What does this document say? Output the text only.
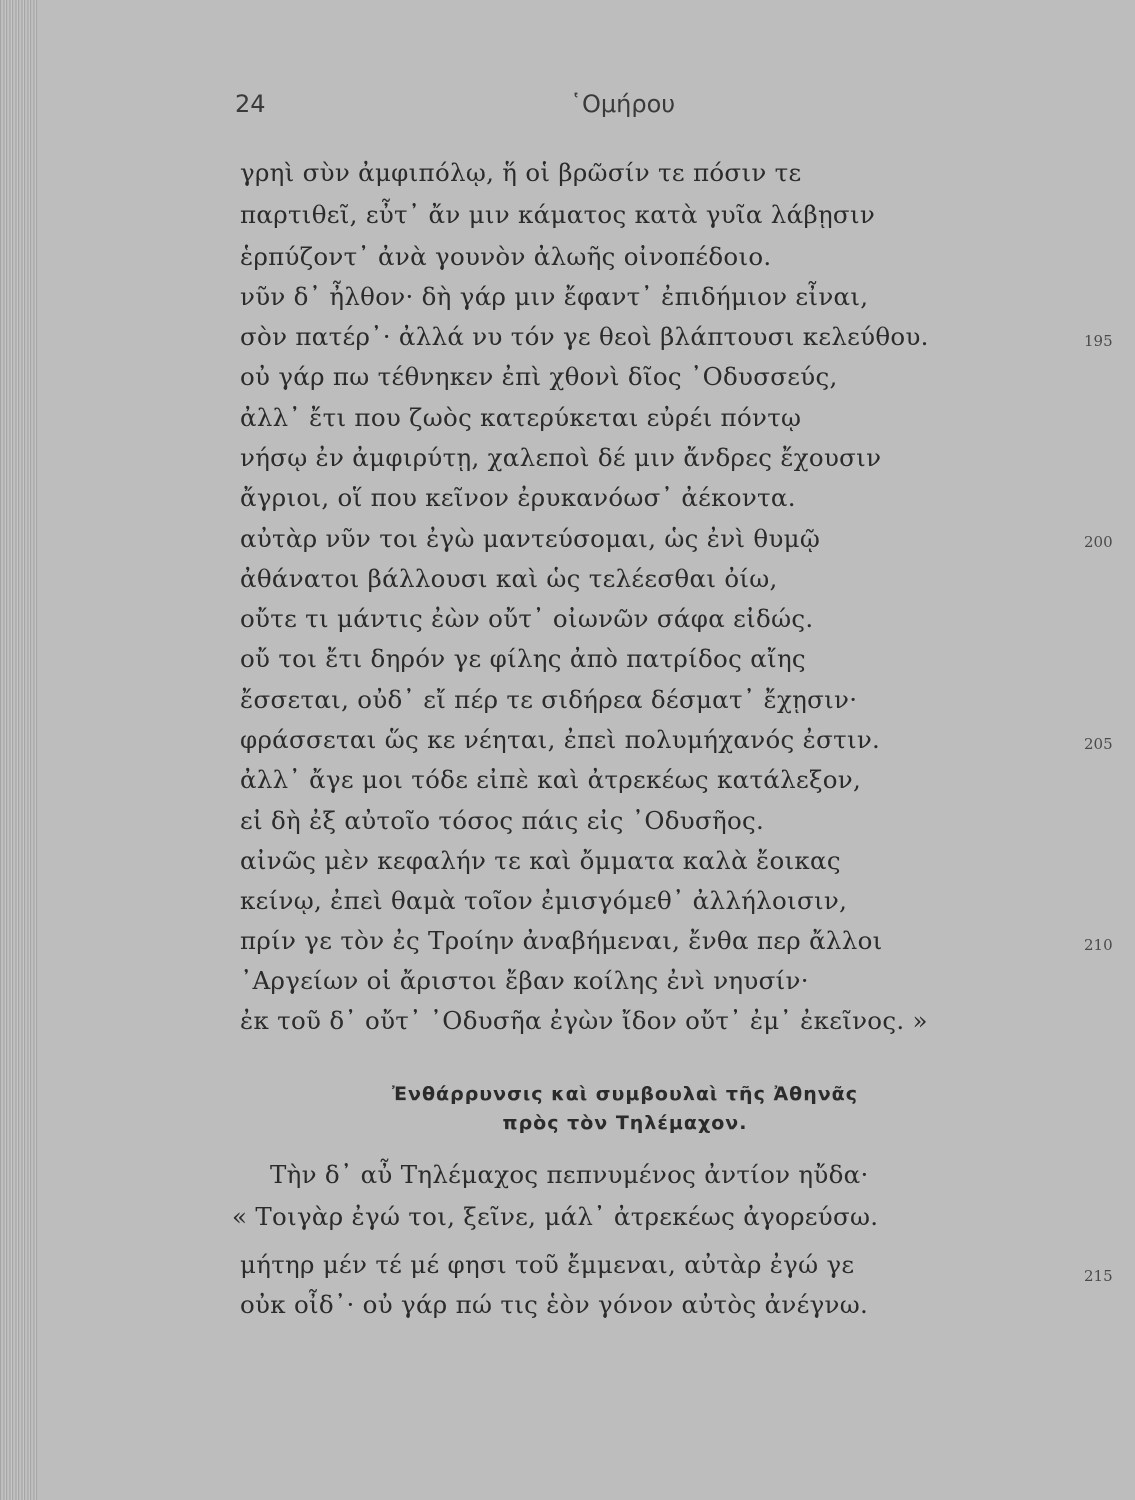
24	῾Ομήρου
γρηὶ σὺν ἀμφιπόλῳ, ἥ οἱ βρῶσίν τε πόσιν τε
παρτιθεῖ, εὖτ᾽ ἄν μιν κάματος κατὰ γυῖα λάβῃσιν
ἑρπύζοντ᾽ ἀνὰ γουνὸν ἀλωῆς οἰνοπέδοιο.
νῦν δ᾽ ἦλθον· δὴ γάρ μιν ἔφαντ᾽ ἐπιδήμιον εἶναι,
σὸν πατέρ᾽· ἀλλά νυ τόν γε θεοὶ βλάπτουσι κελεύθου.
οὐ γάρ πω τέθνηκεν ἐπὶ χθονὶ δῖος ᾿Οδυσσεύς,
ἀλλ᾽ ἔτι που ζωὸς κατερύκεται εὐρέι πόντῳ
νήσῳ ἐν ἀμφιρύτῃ, χαλεποὶ δέ μιν ἄνδρες ἔχουσιν
ἄγριοι, οἵ που κεῖνον ἐρυκανόωσ᾽ ἀέκοντα.
αὐτὰρ νῦν τοι ἐγὼ μαντεύσομαι, ὡς ἐνὶ θυμῷ
ἀθάνατοι βάλλουσι καὶ ὡς τελέεσθαι ὀίω,
οὔτε τι μάντις ἐὼν οὔτ᾽ οἰωνῶν σάφα εἰδώς.
οὔ τοι ἔτι δηρόν γε φίλης ἀπὸ πατρίδος αἴης
ἔσσεται, οὐδ᾽ εἴ πέρ τε σιδήρεα δέσματ᾽ ἔχῃσιν·
φράσσεται ὥς κε νέηται, ἐπεὶ πολυμήχανός ἐστιν.
ἀλλ᾽ ἄγε μοι τόδε εἰπὲ καὶ ἀτρεκέως κατάλεξον,
εἰ δὴ ἐξ αὐτοῖο τόσος πάις εἰς ᾿Οδυσῆος.
αἰνῶς μὲν κεφαλήν τε καὶ ὄμματα καλὰ ἔοικας
κείνῳ, ἐπεὶ θαμὰ τοῖον ἐμισγόμεθ᾽ ἀλλήλοισιν,
πρίν γε τὸν ἐς Τροίην ἀναβήμεναι, ἔνθα περ ἄλλοι
᾿Αργείων οἱ ἄριστοι ἔβαν κοίλης ἐνὶ νηυσίν·
ἐκ τοῦ δ᾽ οὔτ᾽ ᾿Οδυσῆα ἐγὼν ἴδον οὔτ᾽ ἐμ᾽ ἐκεῖνος. »
195
200
205
210
215
Ἐνθάρρυνσις καὶ συμβουλαὶ τῆς Ἀθηνᾶς
πρὸς τὸν Τηλέμαχον.
Τὴν δ᾽ αὖ Τηλέμαχος πεπνυμένος ἀντίον ηὔδα·
« Τοιγὰρ ἐγώ τοι, ξεῖνε, μάλ᾽ ἀτρεκέως ἀγορεύσω.
μήτηρ μέν τέ μέ φησι τοῦ ἔμμεναι, αὐτὰρ ἐγώ γε
οὐκ οἶδ᾽· οὐ γάρ πώ τις ἑὸν γόνον αὐτὸς ἀνέγνω.
